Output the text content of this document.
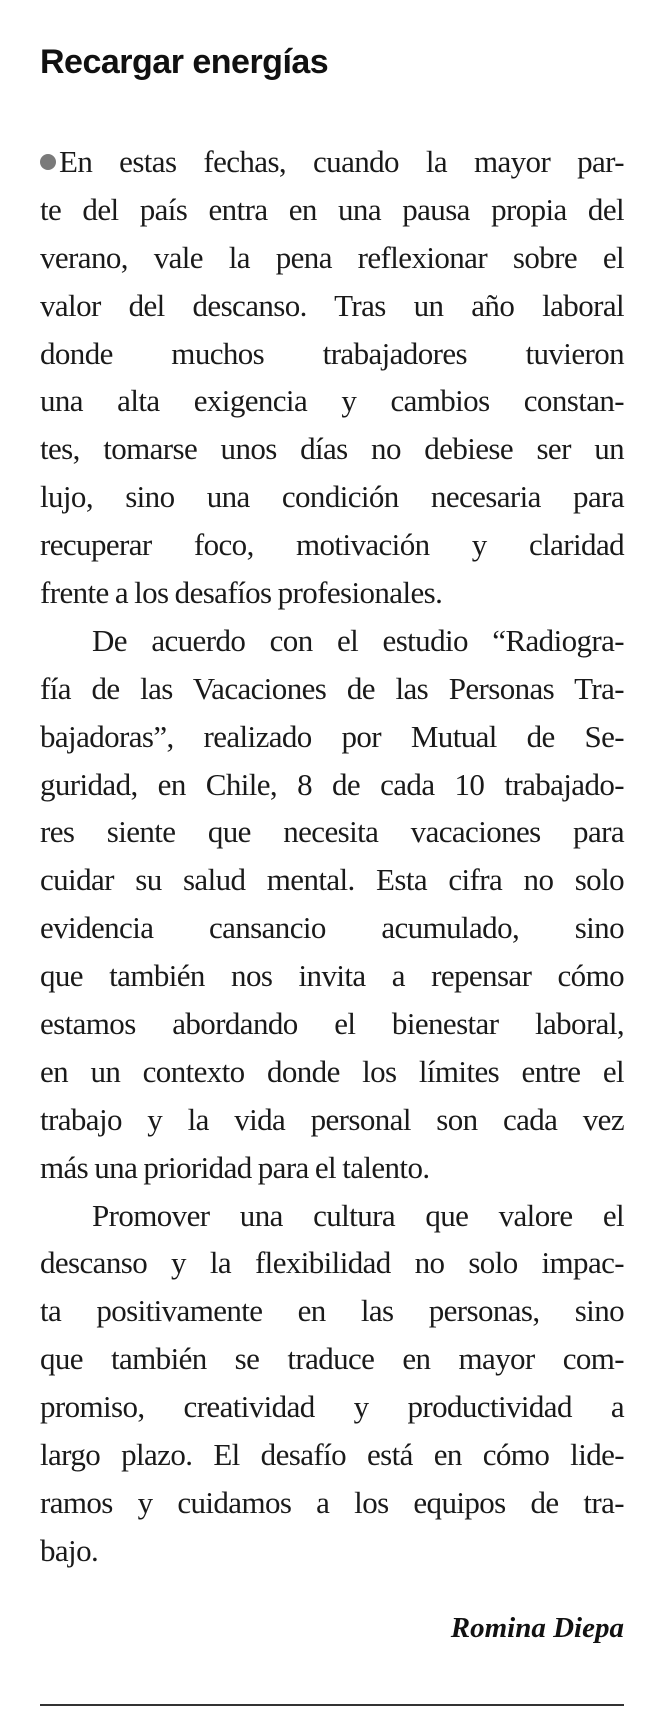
Recargar energías
En estas fechas, cuando la mayor par-
te del país entra en una pausa propia del
verano, vale la pena reflexionar sobre el
valor del descanso. Tras un año laboral
donde muchos trabajadores tuvieron
una alta exigencia y cambios constan-
tes, tomarse unos días no debiese ser un
lujo, sino una condición necesaria para
recuperar foco, motivación y claridad
frente a los desafíos profesionales.
De acuerdo con el estudio “Radiogra-
fía de las Vacaciones de las Personas Tra-
bajadoras”, realizado por Mutual de Se-
guridad, en Chile, 8 de cada 10 trabajado-
res siente que necesita vacaciones para
cuidar su salud mental. Esta cifra no solo
evidencia cansancio acumulado, sino
que también nos invita a repensar cómo
estamos abordando el bienestar laboral,
en un contexto donde los límites entre el
trabajo y la vida personal son cada vez
más una prioridad para el talento.
Promover una cultura que valore el
descanso y la flexibilidad no solo impac-
ta positivamente en las personas, sino
que también se traduce en mayor com-
promiso, creatividad y productividad a
largo plazo. El desafío está en cómo lide-
ramos y cuidamos a los equipos de tra-
bajo.
Romina Diepa
